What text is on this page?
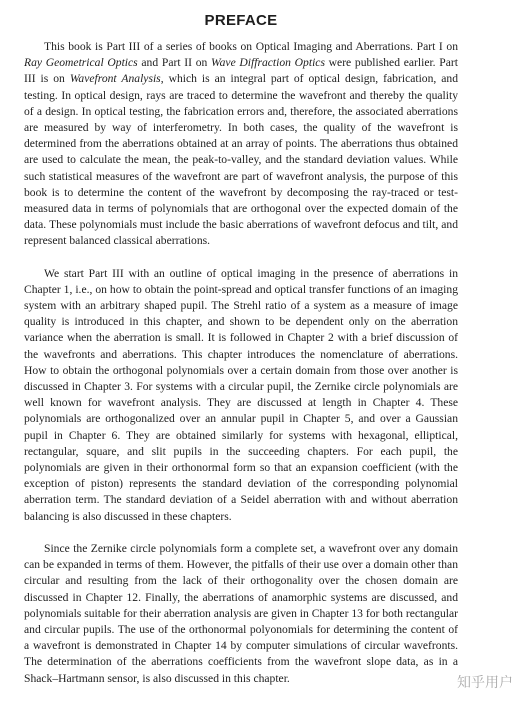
PREFACE

This book is Part III of a series of books on Optical Imaging and Aberrations. Part I on Ray Geometrical Optics and Part II on Wave Diffraction Optics were published earlier. Part III is on Wavefront Analysis, which is an integral part of optical design, fabrication, and testing. In optical design, rays are traced to determine the wavefront and thereby the quality of a design. In optical testing, the fabrication errors and, therefore, the associated aberrations are measured by way of interferometry. In both cases, the quality of the wavefront is determined from the aberrations obtained at an array of points. The aberrations thus obtained are used to calculate the mean, the peak-to-valley, and the standard deviation values. While such statistical measures of the wavefront are part of wavefront analysis, the purpose of this book is to determine the content of the wavefront by decomposing the ray-traced or test-measured data in terms of polynomials that are orthogonal over the expected domain of the data. These polynomials must include the basic aberrations of wavefront defocus and tilt, and represent balanced classical aberrations.

We start Part III with an outline of optical imaging in the presence of aberrations in Chapter 1, i.e., on how to obtain the point-spread and optical transfer functions of an imaging system with an arbitrary shaped pupil. The Strehl ratio of a system as a measure of image quality is introduced in this chapter, and shown to be dependent only on the aberration variance when the aberration is small. It is followed in Chapter 2 with a brief discussion of the wavefronts and aberrations. This chapter introduces the nomenclature of aberrations. How to obtain the orthogonal polynomials over a certain domain from those over another is discussed in Chapter 3. For systems with a circular pupil, the Zernike circle polynomials are well known for wavefront analysis. They are discussed at length in Chapter 4. These polynomials are orthogonalized over an annular pupil in Chapter 5, and over a Gaussian pupil in Chapter 6. They are obtained similarly for systems with hexagonal, elliptical, rectangular, square, and slit pupils in the succeeding chapters. For each pupil, the polynomials are given in their orthonormal form so that an expansion coefficient (with the exception of piston) represents the standard deviation of the corresponding polynomial aberration term. The standard deviation of a Seidel aberration with and without aberration balancing is also discussed in these chapters.

Since the Zernike circle polynomials form a complete set, a wavefront over any domain can be expanded in terms of them. However, the pitfalls of their use over a domain other than circular and resulting from the lack of their orthogonality over the chosen domain are discussed in Chapter 12. Finally, the aberrations of anamorphic systems are discussed, and polynomials suitable for their aberration analysis are given in Chapter 13 for both rectangular and circular pupils. The use of the orthonormal polyonomials for determining the content of a wavefront is demonstrated in Chapter 14 by computer simulations of circular wavefronts. The determination of the aberrations coefficients from the wavefront slope data, as in a Shack–Hartmann sensor, is also discussed in this chapter.	知乎用户
